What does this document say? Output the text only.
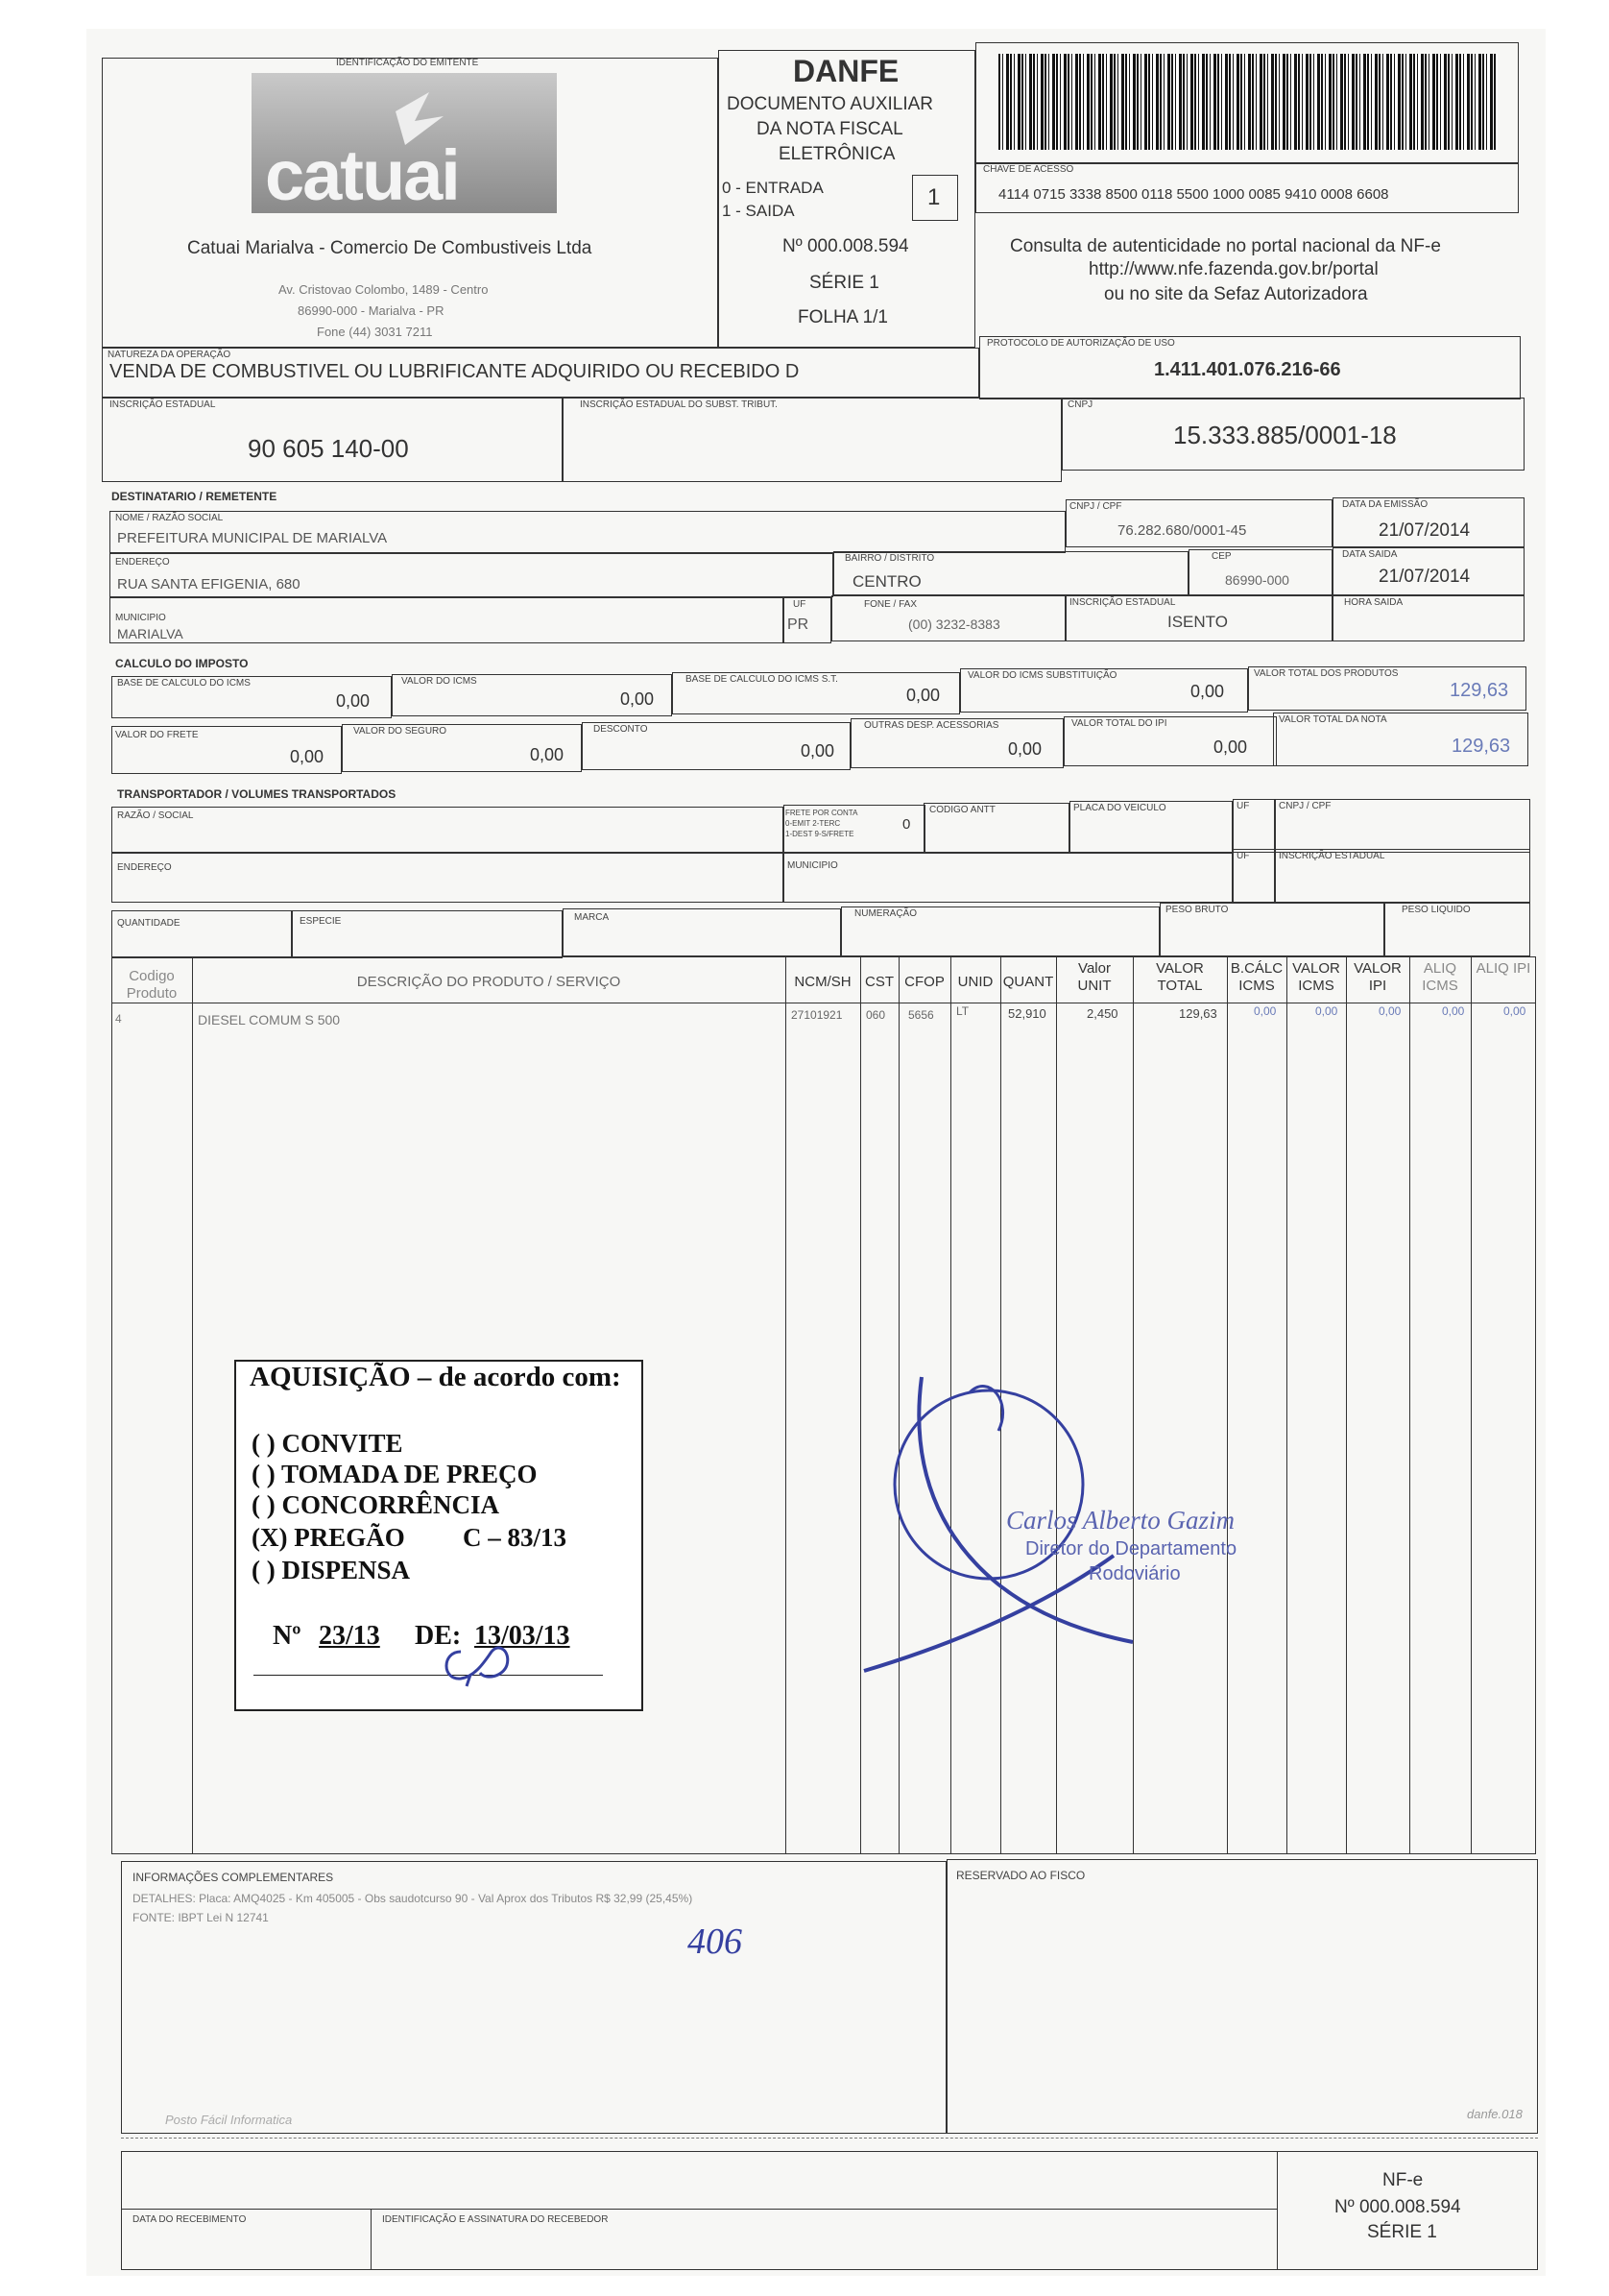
IDENTIFICAÇÃO DO EMITENTE
catuai
Catuai Marialva - Comercio De Combustiveis Ltda
Av. Cristovao Colombo, 1489 - Centro
86990-000 - Marialva - PR
Fone (44) 3031 7211
DANFE
DOCUMENTO AUXILIAR
DA NOTA FISCAL
ELETRÔNICA
0 - ENTRADA
1 - SAIDA
1
Nº 000.008.594
SÉRIE 1
FOLHA 1/1
CHAVE DE ACESSO
4114 0715 3338 8500 0118 5500 1000 0085 9410 0008 6608
Consulta de autenticidade no portal nacional da NF-e
http://www.nfe.fazenda.gov.br/portal
ou no site da Sefaz Autorizadora
NATUREZA DA OPERAÇÃO
VENDA DE COMBUSTIVEL OU LUBRIFICANTE ADQUIRIDO OU RECEBIDO D
PROTOCOLO DE AUTORIZAÇÃO DE USO
1.411.401.076.216-66
INSCRIÇÃO ESTADUAL
90 605 140-00
INSCRIÇÃO ESTADUAL DO SUBST. TRIBUT.	CNPJ
15.333.885/0001-18
DESTINATARIO / REMETENTE
NOME / RAZÃO SOCIAL
PREFEITURA MUNICIPAL DE MARIALVA
CNPJ / CPF
76.282.680/0001-45
DATA DA EMISSÃO
21/07/2014
ENDEREÇO
RUA SANTA EFIGENIA, 680
BAIRRO / DISTRITO
CENTRO
CEP
86990-000
DATA SAIDA
21/07/2014
MUNICIPIO
MARIALVA
UF
PR
FONE / FAX
(00) 3232-8383
INSCRIÇÃO ESTADUAL
ISENTO
HORA SAIDA
CALCULO DO IMPOSTO
BASE DE CALCULO DO ICMS
0,00
VALOR DO ICMS
0,00
BASE DE CALCULO DO ICMS S.T.
0,00
VALOR DO ICMS SUBSTITUIÇÃO
0,00
VALOR TOTAL DOS PRODUTOS
129,63
VALOR DO FRETE
0,00
VALOR DO SEGURO
0,00
DESCONTO
0,00
OUTRAS DESP. ACESSORIAS
0,00
VALOR TOTAL DO IPI
0,00
VALOR TOTAL DA NOTA
129,63
TRANSPORTADOR / VOLUMES TRANSPORTADOS
RAZÃO / SOCIAL	FRETE POR CONTA
0-EMIT 2-TERC
1-DEST 9-S/FRETE
0
CODIGO ANTT	PLACA DO VEICULO	UF	CNPJ / CPF
ENDEREÇO	MUNICIPIO
UF	INSCRIÇÃO ESTADUAL
QUANTIDADE	ESPECIE	MARCA	NUMERAÇÃO	PESO BRUTO	PESO LIQUIDO
Codigo Produto
DESCRIÇÃO DO PRODUTO / SERVIÇO	NCM/SH CST CFOP UNID QUANT
Valor UNIT
VALOR TOTAL
B.CÁLC ICMS
VALOR ICMS
VALOR IPI
ALIQ ICMS
ALIQ IPI
4	DIESEL COMUM S 500	27101921 060 5656 LT	52,910	2,450	129,63	0,00	0,00	0,00	0,00	0,00
AQUISIÇÃO – de acordo com:
( ) CONVITE
( ) TOMADA DE PREÇO
( ) CONCORRÊNCIA
(X) PREGÃO C – 83/13
( ) DISPENSA
Nº 23/13 DE: 13/03/13
Carlos Alberto Gazim
Diretor do Departamento
Rodoviário
INFORMAÇÕES COMPLEMENTARES
DETALHES: Placa: AMQ4025 - Km 405005 - Obs saudotcurso 90 - Val Aprox dos Tributos R$ 32,99 (25,45%)
FONTE: IBPT Lei N 12741
406
RESERVADO AO FISCO
Posto Fácil Informatica	danfe.018
DATA DO RECEBIMENTO	IDENTIFICAÇÃO E ASSINATURA DO RECEBEDOR
NF-e
Nº 000.008.594
SÉRIE 1
